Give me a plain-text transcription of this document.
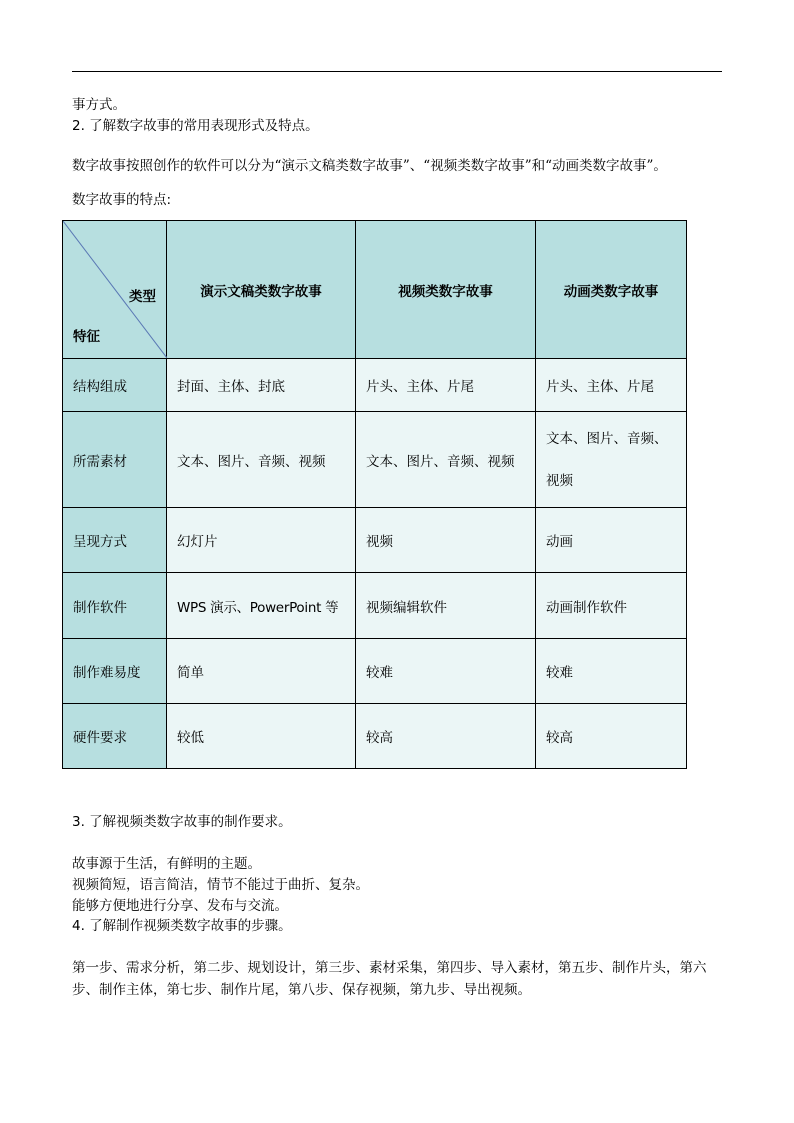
事方式。
2. 了解数字故事的常用表现形式及特点。
数字故事按照创作的软件可以分为“演示文稿类数字故事”、“视频类数字故事”和“动画类数字故事”。
数字故事的特点:
类型
特征	演示文稿类数字故事	视频类数字故事	动画类数字故事
结构组成	封面、主体、封底	片头、主体、片尾	片头、主体、片尾
所需素材	文本、图片、音频、视频	文本、图片、音频、视频	文本、图片、音频、视频
呈现方式	幻灯片	视频	动画
制作软件	WPS 演示、PowerPoint 等	视频编辑软件	动画制作软件
制作难易度	简单	较难	较难
硬件要求	较低	较高	较高
3. 了解视频类数字故事的制作要求。
故事源于生活，有鲜明的主题。
视频简短，语言简洁，情节不能过于曲折、复杂。
能够方便地进行分享、发布与交流。
4. 了解制作视频类数字故事的步骤。
第一步、需求分析，第二步、规划设计，第三步、素材采集，第四步、导入素材，第五步、制作片头，第六步、制作主体，第七步、制作片尾，第八步、保存视频，第九步、导出视频。
